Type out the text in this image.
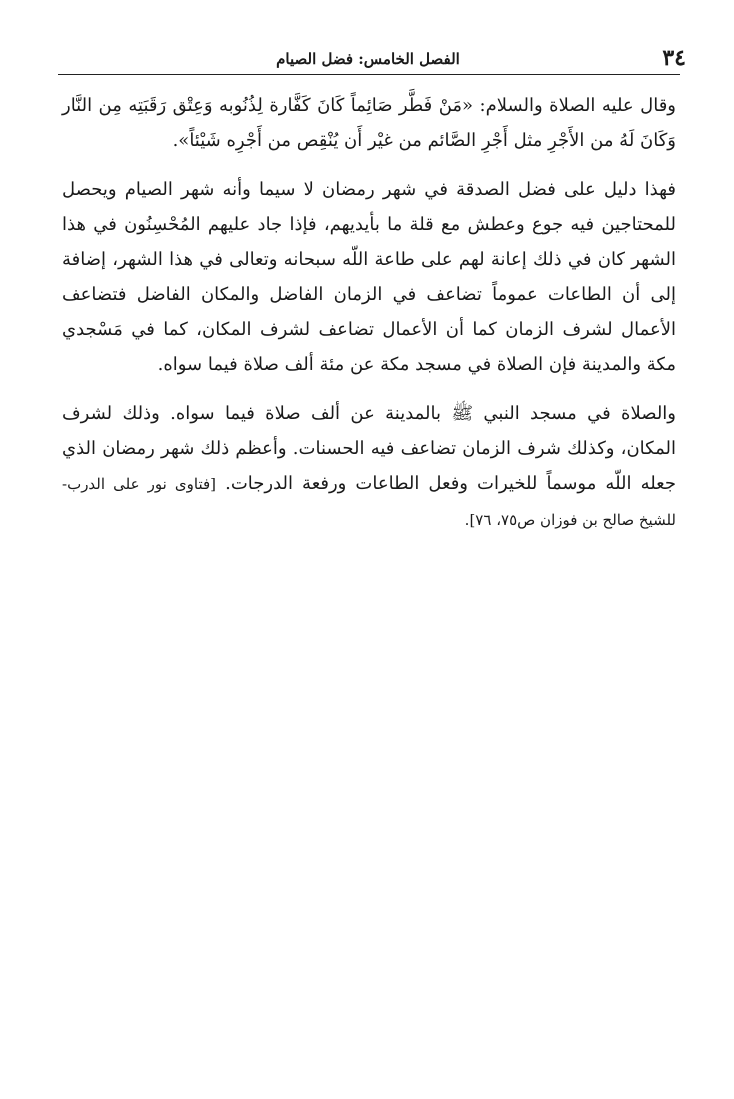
٣٤
الفصل الخامس: فضل الصيام

وقال عليه الصلاة والسلام: «مَنْ فَطَّر صَائِماً كَانَ كَفَّارة لِذُنُوبه وَعِتْق رَقَبَتِه مِن النَّار وَكَانَ لَهُ من الأَجْرِ مثل أَجْرِ الصَّائم من غيْر أَن يُنْقِص من أَجْرِه شَيْئاً».

فهذا دليل على فضل الصدقة في شهر رمضان لا سيما وأنه شهر الصيام ويحصل للمحتاجين فيه جوع وعطش مع قلة ما بأيديهم، فإذا جاد عليهم المُحْسِنُون في هذا الشهر كان في ذلك إعانة لهم على طاعة اللّه سبحانه وتعالى في هذا الشهر، إضافة إلى أن الطاعات عموماً تضاعف في الزمان الفاضل والمكان الفاضل فتضاعف الأعمال لشرف الزمان كما أن الأعمال تضاعف لشرف المكان، كما في مَسْجدي مكة والمدينة فإن الصلاة في مسجد مكة عن مئة ألف صلاة فيما سواه.

والصلاة في مسجد النبي ﷺ بالمدينة عن ألف صلاة فيما سواه. وذلك لشرف المكان، وكذلك شرف الزمان تضاعف فيه الحسنات. وأعظم ذلك شهر رمضان الذي جعله اللّه موسماً للخيرات وفعل الطاعات ورفعة الدرجات. [فتاوى نور على الدرب- للشيخ صالح بن فوزان ص٧٥، ٧٦].
